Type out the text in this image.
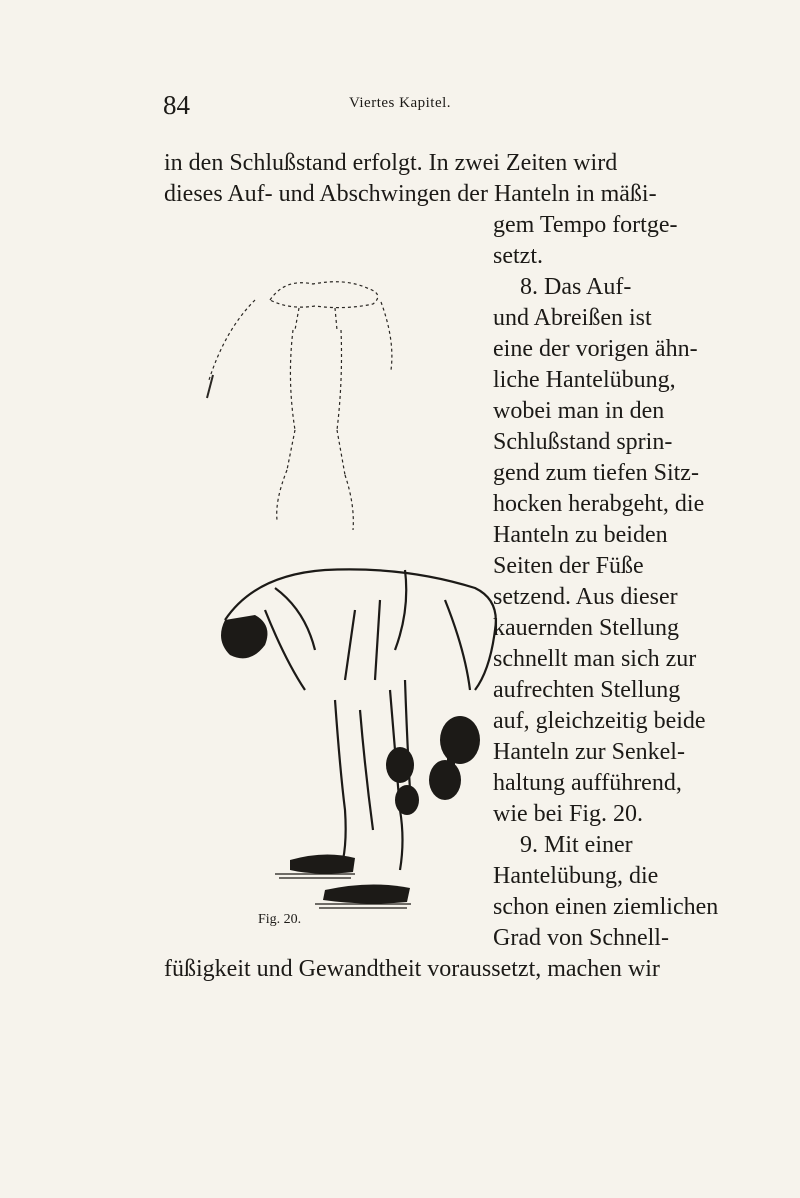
84	Viertes Kapitel.
in den Schlußstand erfolgt. In zwei Zeiten wird
dieses Auf- und Abschwingen der Hanteln in mäßi-
gem Tempo fortge-
setzt.
8. Das Auf-
und Abreißen ist
eine der vorigen ähn-
liche Hantelübung,
wobei man in den
Schlußstand sprin-
gend zum tiefen Sitz-
hocken herabgeht, die
Hanteln zu beiden
Seiten der Füße
setzend. Aus dieser
kauernden Stellung
schnellt man sich zur
aufrechten Stellung
auf, gleichzeitig beide
Hanteln zur Senkel-
haltung aufführend,
wie bei Fig. 20.
9. Mit einer
Hantelübung, die
schon einen ziemlichen
Grad von Schnell-
füßigkeit und Gewandtheit voraussetzt, machen wir
Fig. 20.
